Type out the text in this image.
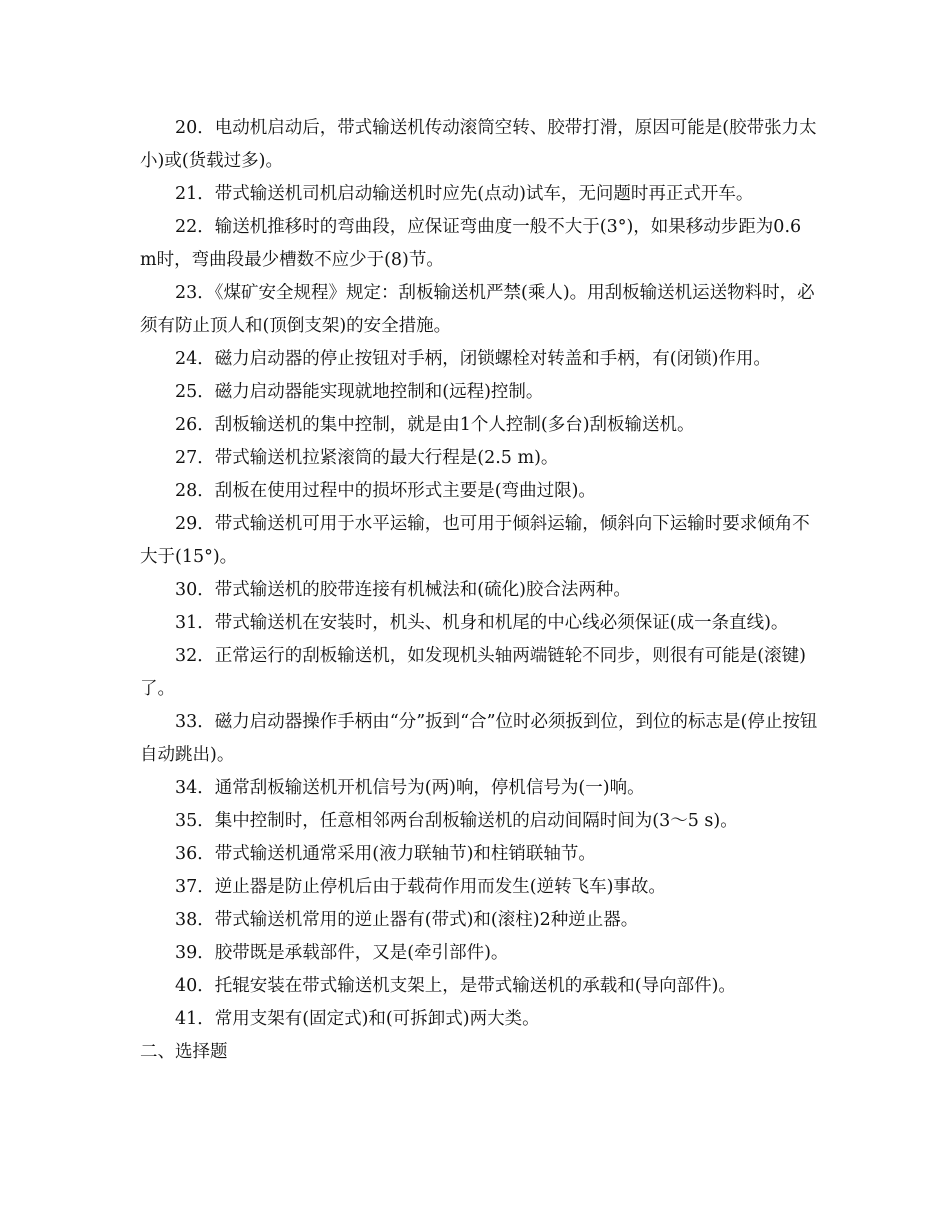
20．电动机启动后，带式输送机传动滚筒空转、胶带打滑，原因可能是(胶带张力太小)或(货载过多)。

21．带式输送机司机启动输送机时应先(点动)试车，无问题时再正式开车。

22．输送机推移时的弯曲段，应保证弯曲度一般不大于(3°)，如果移动步距为0.6 m时，弯曲段最少槽数不应少于(8)节。

23．《煤矿安全规程》规定：刮板输送机严禁(乘人)。用刮板输送机运送物料时，必须有防止顶人和(顶倒支架)的安全措施。

24．磁力启动器的停止按钮对手柄，闭锁螺栓对转盖和手柄，有(闭锁)作用。

25．磁力启动器能实现就地控制和(远程)控制。

26．刮板输送机的集中控制，就是由1个人控制(多台)刮板输送机。

27．带式输送机拉紧滚筒的最大行程是(2.5 m)。

28．刮板在使用过程中的损坏形式主要是(弯曲过限)。

29．带式输送机可用于水平运输，也可用于倾斜运输，倾斜向下运输时要求倾角不大于(15°)。

30．带式输送机的胶带连接有机械法和(硫化)胶合法两种。

31．带式输送机在安装时，机头、机身和机尾的中心线必须保证(成一条直线)。

32．正常运行的刮板输送机，如发现机头轴两端链轮不同步，则很有可能是(滚键)了。

33．磁力启动器操作手柄由“分”扳到“合”位时必须扳到位，到位的标志是(停止按钮自动跳出)。

34．通常刮板输送机开机信号为(两)响，停机信号为(一)响。

35．集中控制时，任意相邻两台刮板输送机的启动间隔时间为(3～5 s)。

36．带式输送机通常采用(液力联轴节)和柱销联轴节。

37．逆止器是防止停机后由于载荷作用而发生(逆转飞车)事故。

38．带式输送机常用的逆止器有(带式)和(滚柱)2种逆止器。

39．胶带既是承载部件，又是(牵引部件)。

40．托辊安装在带式输送机支架上，是带式输送机的承载和(导向部件)。

41．常用支架有(固定式)和(可拆卸式)两大类。

二、选择题
